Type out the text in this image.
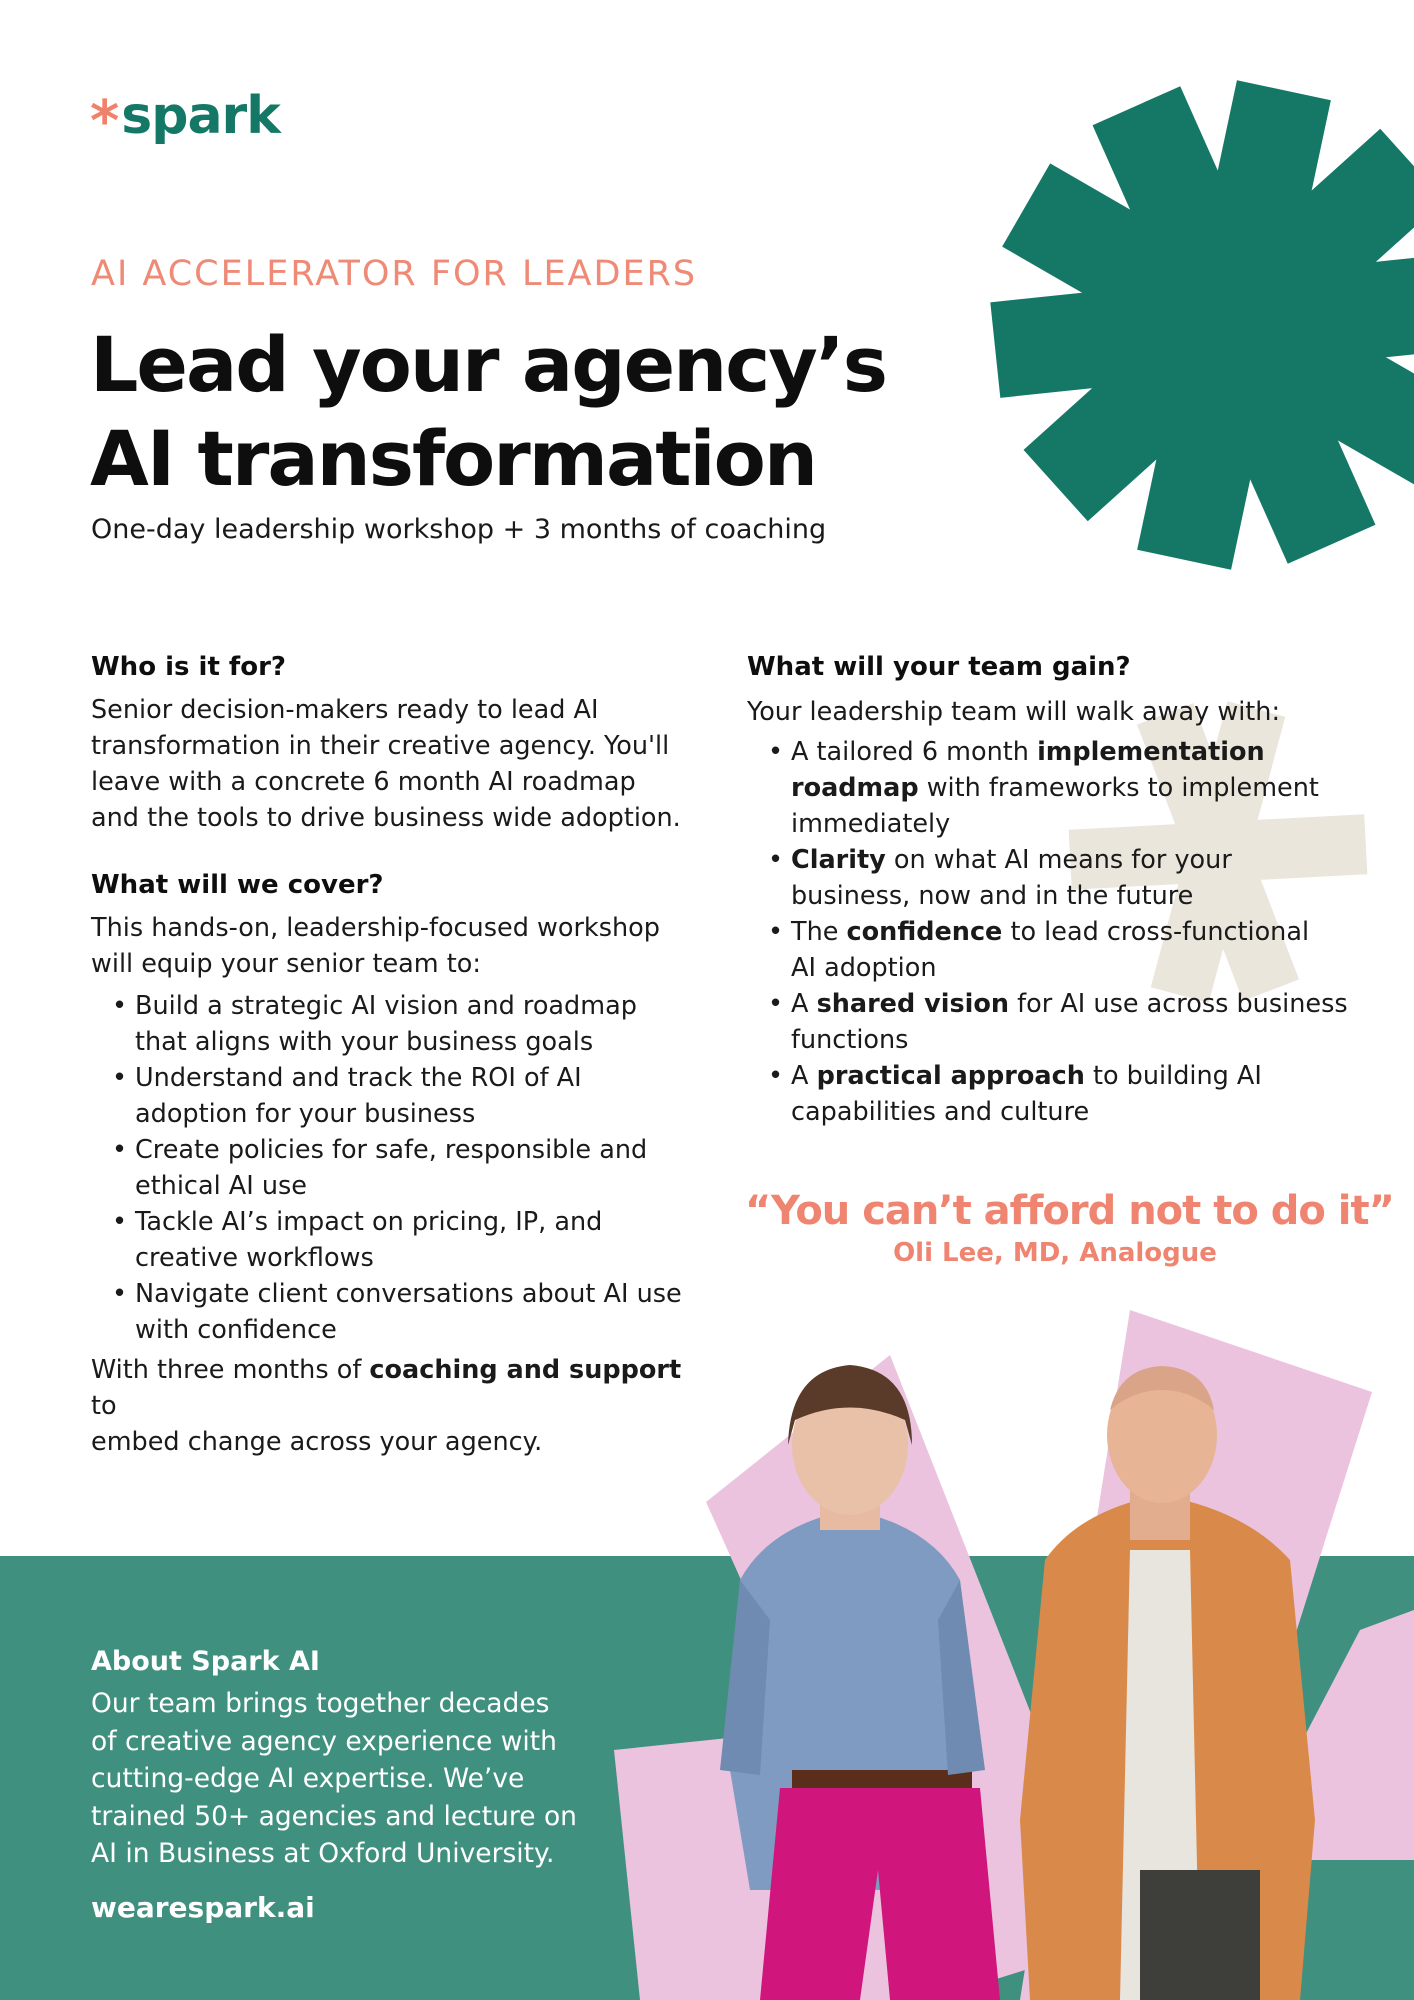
* spark
AI ACCELERATOR FOR LEADERS
Lead your agency’s
AI transformation
One-day leadership workshop + 3 months of coaching
Who is it for?

Senior decision-makers ready to lead AI
transformation in their creative agency. You'll
leave with a concrete 6 month AI roadmap
and the tools to drive business wide adoption.

What will we cover?

This hands-on, leadership-focused workshop
will equip your senior team to:

• Build a strategic AI vision and roadmap
that aligns with your business goals
• Understand and track the ROI of AI
adoption for your business
• Create policies for safe, responsible and
ethical AI use
• Tackle AI’s impact on pricing, IP, and
creative workflows
• Navigate client conversations about AI use
with confidence

With three months of coaching and support to
embed change across your agency.

What will your team gain?

Your leadership team will walk away with:

• A tailored 6 month implementation
roadmap with frameworks to implement
immediately
• Clarity on what AI means for your
business, now and in the future
• The confidence to lead cross-functional
AI adoption
• A shared vision for AI use across business
functions
• A practical approach to building AI
capabilities and culture
“You can’t afford not to do it”
Oli Lee, MD, Analogue

About Spark AI

Our team brings together decades
of creative agency experience with
cutting-edge AI expertise. We’ve
trained 50+ agencies and lecture on
AI in Business at Oxford University.

wearespark.ai
